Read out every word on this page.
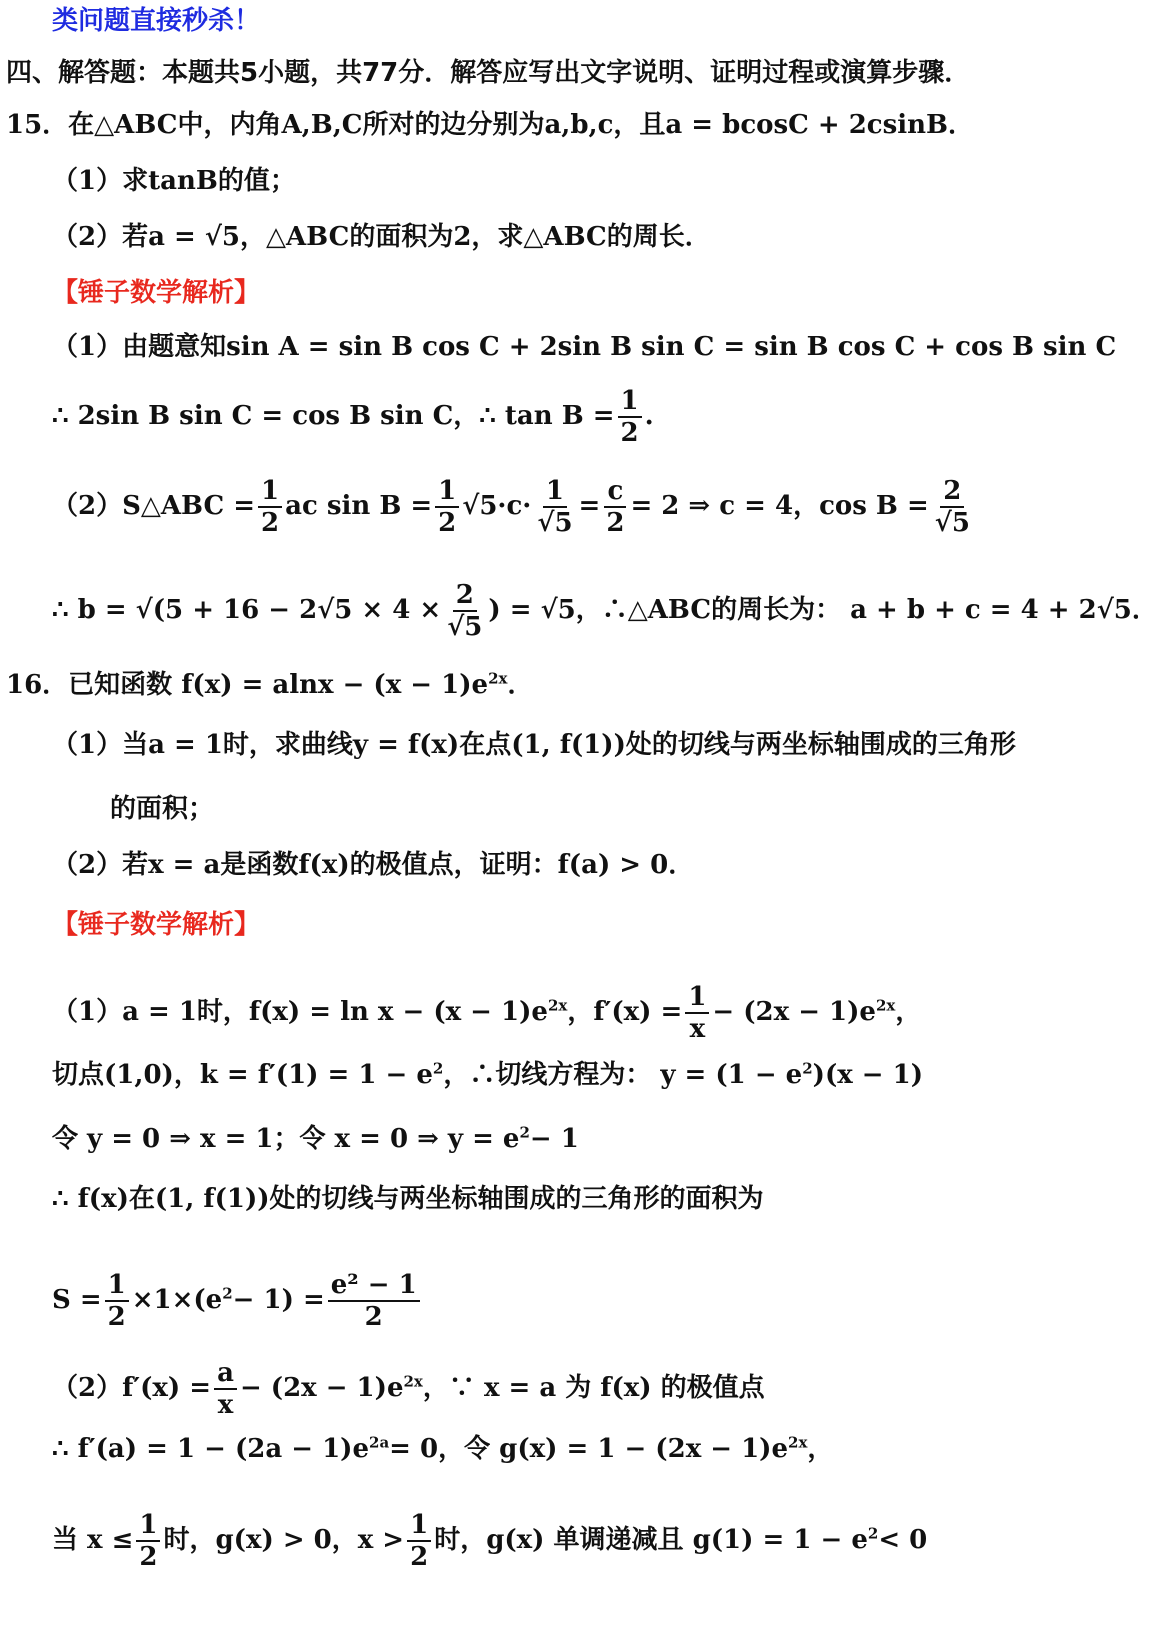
类问题直接秒杀！
四、解答题：本题共5小题，共77分．解答应写出文字说明、证明过程或演算步骤．
15．在△ABC中，内角A,B,C所对的边分别为a,b,c，且a = bcosC + 2csinB．
（1）求tanB的值；
（2）若a = √5，△ABC的面积为2，求△ABC的周长．
【锤子数学解析】
（1）由题意知sin A = sin B cos C + 2sin B sin C = sin B cos C + cos B sin C
∴ 2sin B sin C = cos B sin C，∴ $\tan B = \frac{1}{2}$ .
（2）S△ABC = $\frac{1}{2}$ ac $\sin B = \frac{1}{2} √5\cdot c\cdot \frac{1}{√5} = \frac{c}{2} = 2$ ⇒ c = 4，$\cos B = \frac{2}{√5}$
∴ $b = √(5 + 16 - 2√5 \times 4 \times \frac{2}{√5}$ ) = √5，∴△ABC的周长为： a + b + c = 4 + 2√5．
16．已知函数 $f(x) = alnx - (x - 1)e^{2x}$．
（1）当a = 1时，求曲线y = f(x)在点(1, f(1))处的切线与两坐标轴围成的三角形
的面积；
（2）若x = a是函数f(x)的极值点，证明：f(a) > 0．
【锤子数学解析】
（1）a = 1时，$f(x) = \ln x - (x - 1)e^{2x}$，$f'(x) = \frac{1}{x} - (2x - 1)e^{2x}$，
切点(1,0)，$k = f'(1) = 1 - e^2$，∴切线方程为： $y = (1 - e^2)(x - 1)$
令 y = 0 ⇒ x = 1；令 x = 0 ⇒ $y = e^2- 1$
∴ f(x)在(1, f(1))处的切线与两坐标轴围成的三角形的面积为
$S = \frac{1}{2} \times 1\times(e^2- 1) = \frac{\text{e² − 1}}{2}$
$(2)f'(x) = \frac{a}{x} - (2x - 1)e^{2x}$，∵ x = a 为 f(x) 的极值点
∴ $f'(a) = 1 - (2a - 1)e^{2a}= 0$，令 $g(x) = 1 - (2x - 1)e^{2x}$，
当 $x \le \frac{1}{2}$ 时，g(x) > 0，$x > \frac{1}{2}$ 时，g(x) 单调递减且 $g(1) = 1 - e^2< 0$
